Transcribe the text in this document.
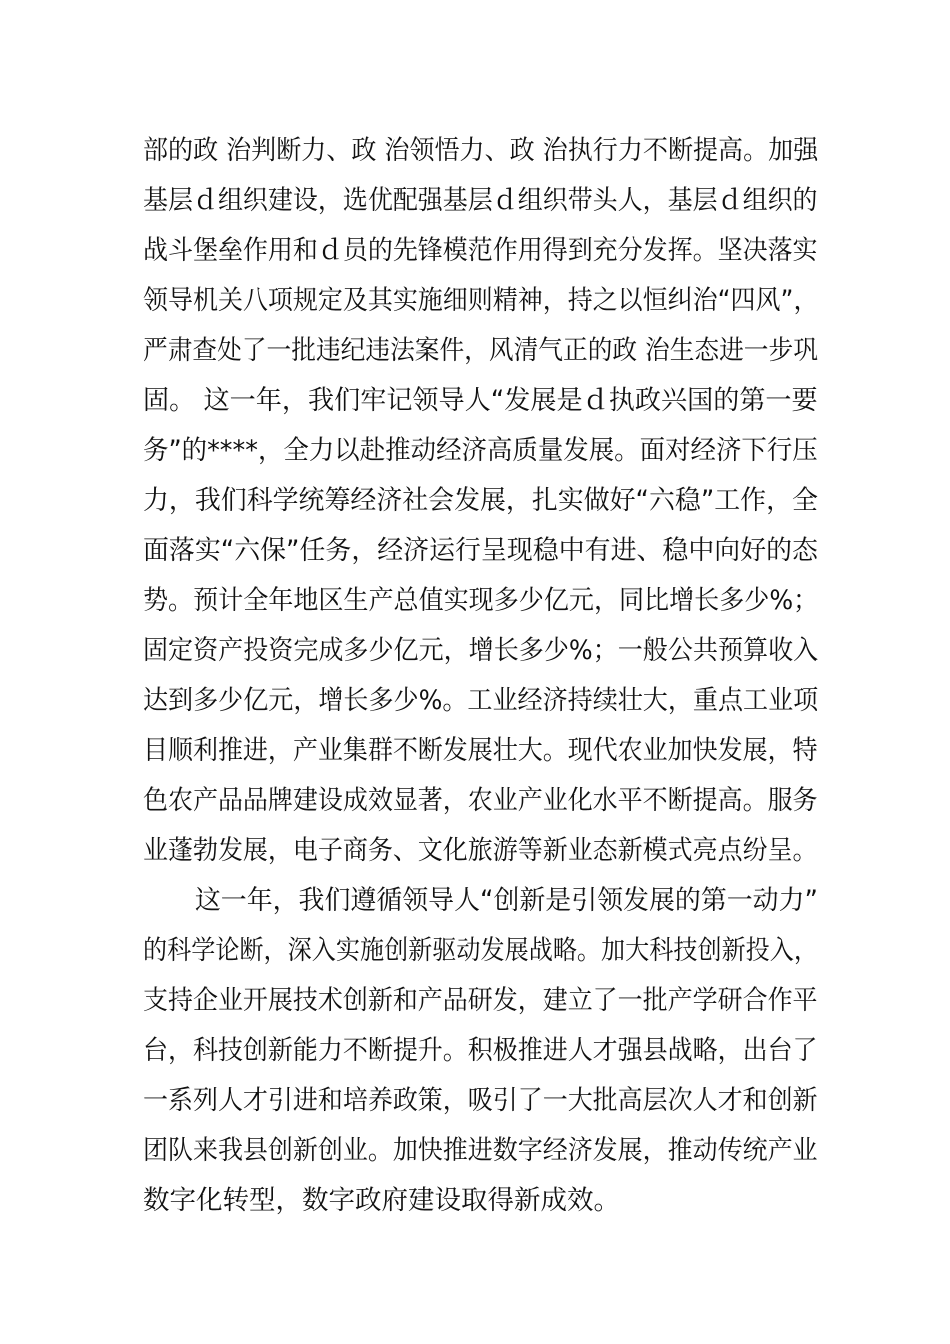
部的政 治判断力、政 治领悟力、政 治执行力不断提高。加强
基层ｄ组织建设，选优配强基层ｄ组织带头人，基层ｄ组织的
战斗堡垒作用和ｄ员的先锋模范作用得到充分发挥。坚决落实
领导机关八项规定及其实施细则精神，持之以恒纠治“四风”，
严肃查处了一批违纪违法案件，风清气正的政 治生态进一步巩
固。 这一年，我们牢记领导人“发展是ｄ执政兴国的第一要
务”的****，全力以赴推动经济高质量发展。面对经济下行压
力，我们科学统筹经济社会发展，扎实做好“六稳”工作，全
面落实“六保”任务，经济运行呈现稳中有进、稳中向好的态
势。预计全年地区生产总值实现多少亿元，同比增长多少%；
固定资产投资完成多少亿元，增长多少%；一般公共预算收入
达到多少亿元，增长多少%。工业经济持续壮大，重点工业项
目顺利推进，产业集群不断发展壮大。现代农业加快发展，特
色农产品品牌建设成效显著，农业产业化水平不断提高。服务
业蓬勃发展，电子商务、文化旅游等新业态新模式亮点纷呈。
　　这一年，我们遵循领导人“创新是引领发展的第一动力”
的科学论断，深入实施创新驱动发展战略。加大科技创新投入，
支持企业开展技术创新和产品研发，建立了一批产学研合作平
台，科技创新能力不断提升。积极推进人才强县战略，出台了
一系列人才引进和培养政策，吸引了一大批高层次人才和创新
团队来我县创新创业。加快推进数字经济发展，推动传统产业
数字化转型，数字政府建设取得新成效。
